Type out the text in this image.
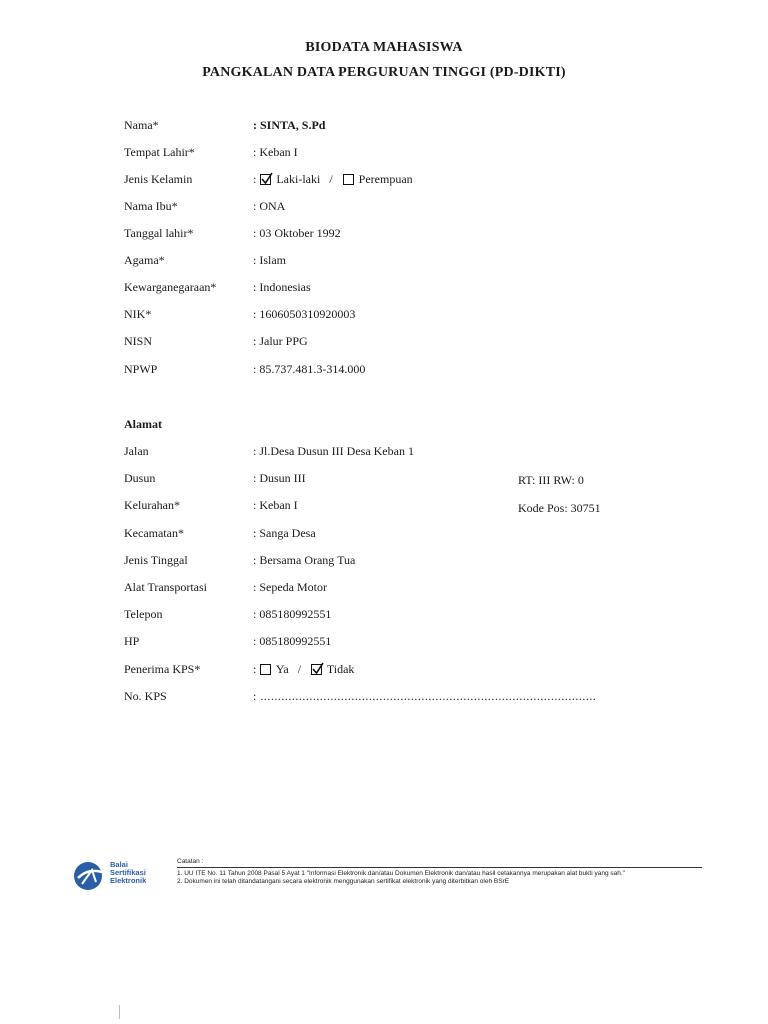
BIODATA MAHASISWA
PANGKALAN DATA PERGURUAN TINGGI (PD-DIKTI)
Nama*	: SINTA, S.Pd
Tempat Lahir*	: Keban I
Jenis Kelamin	: Laki-laki / Perempuan
Nama Ibu*	: ONA
Tanggal lahir*	: 03 Oktober 1992
Agama*	: Islam
Kewarganegaraan*	: Indonesias
NIK*	: 1606050310920003
NISN	: Jalur PPG
NPWP	: 85.737.481.3-314.000
Alamat
Jalan	: Jl.Desa Dusun III Desa Keban 1
Dusun	: Dusun III	RT: III RW: 0
Kelurahan*	: Keban I	Kode Pos: 30751
Kecamatan*	: Sanga Desa
Jenis Tinggal	: Bersama Orang Tua
Alat Transportasi	: Sepeda Motor
Telepon	: 085180992551
HP	: 085180992551
Penerima KPS*	: Ya / Tidak
No. KPS	: ................................................................................................
Balai
Sertifikasi
Elektronik
Catatan :
1. UU ITE No. 11 Tahun 2008 Pasal 5 Ayat 1 "Informasi Elektronik dan/atau Dokumen Elektronik dan/atau hasil cetakannya merupakan alat bukti yang sah."
2. Dokumen ini telah ditandatangani secara elektronik menggunakan sertifikat elektronik yang diterbitkan oleh BSrE
